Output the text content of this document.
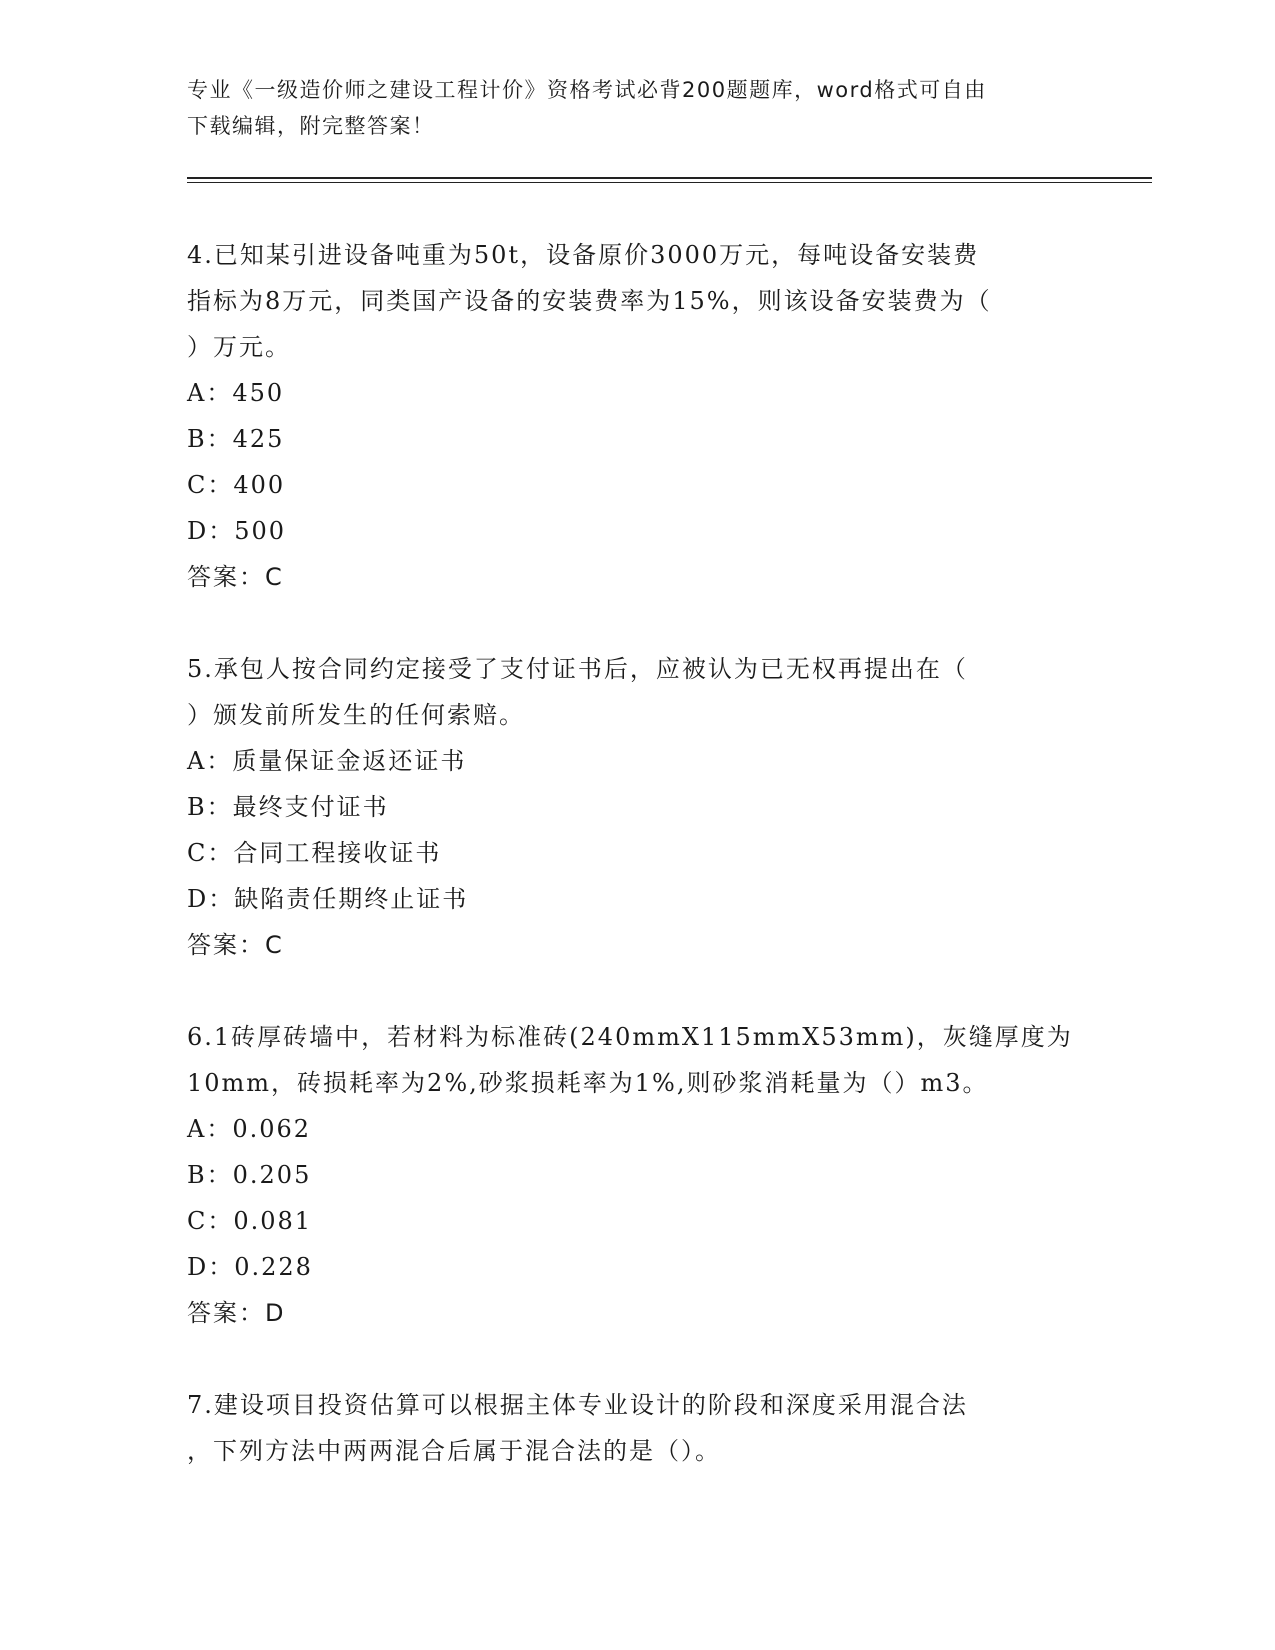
专业《一级造价师之建设工程计价》资格考试必背200题题库，word格式可自由
下载编辑，附完整答案！
4.已知某引进设备吨重为50t，设备原价3000万元，每吨设备安装费
指标为8万元，同类国产设备的安装费率为15%，则该设备安装费为（
）万元。
A：450
B：425
C：400
D：500
答案：C
5.承包人按合同约定接受了支付证书后，应被认为已无权再提出在（
）颁发前所发生的任何索赔。
A：质量保证金返还证书
B：最终支付证书
C：合同工程接收证书
D：缺陷责任期终止证书
答案：C
6.1砖厚砖墙中，若材料为标准砖(240mmX115mmX53mm)，灰缝厚度为
10mm，砖损耗率为2%,砂浆损耗率为1%,则砂浆消耗量为（）m3。
A：0.062
B：0.205
C：0.081
D：0.228
答案：D
7.建设项目投资估算可以根据主体专业设计的阶段和深度采用混合法
，下列方法中两两混合后属于混合法的是（）。
